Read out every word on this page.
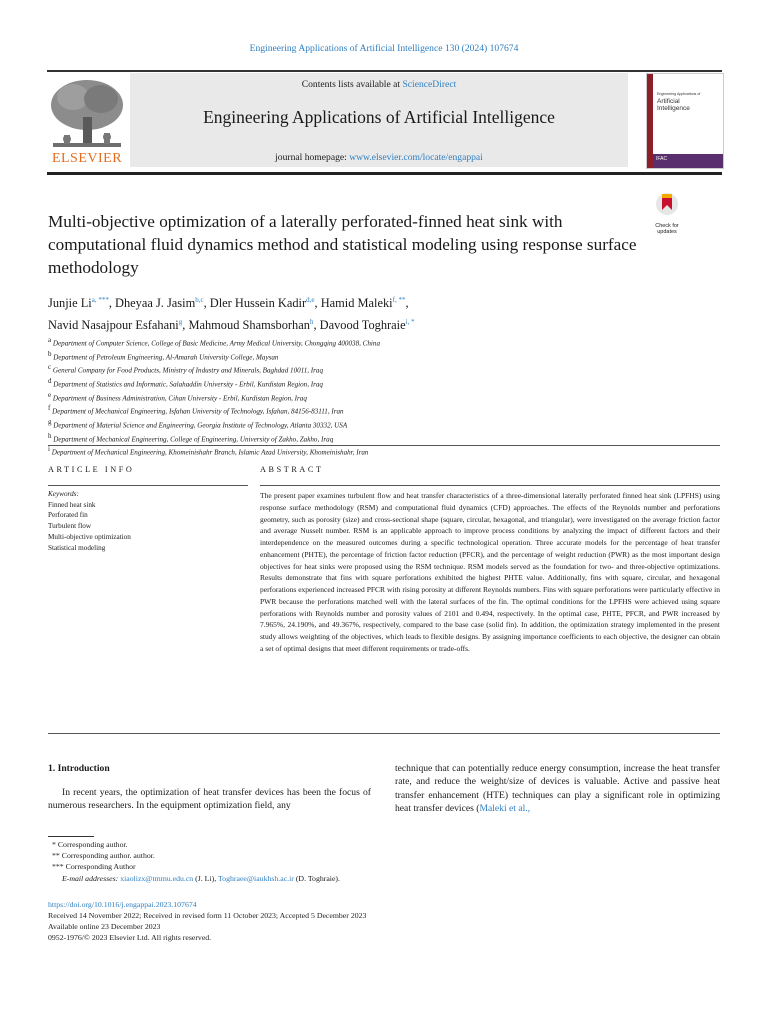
Engineering Applications of Artificial Intelligence 130 (2024) 107674
ELSEVIER
Contents lists available at ScienceDirect
Engineering Applications of Artificial Intelligence
journal homepage: www.elsevier.com/locate/engappai
Engineering Applications of
Artificial
Intelligence
IFAC
Multi-objective optimization of a laterally perforated-finned heat sink with computational fluid dynamics method and statistical modeling using response surface methodology
Check for
updates
Junjie $Li^{a, ***}$, Dheyaa J. Jasim$^{b,c}$, Dler Hussein Kadir$^{d,e}$, Hamid Maleki$^{f, **}$,
Navid Nasajpour Esfahani$^g$, Mahmoud Shamsborhan$^h$, Davood Toghraie$^{i, *}$
$^a$ Department of Computer Science, College of Basic Medicine, Army Medical University, Chongqing 400038, China
$^b$ Department of Petroleum Engineering, Al-Amarah University College, Maysan
$^c$ General Company for Food Products, Ministry of Industry and Minerals, Baghdad 10011, Iraq
$^d$ Department of Statistics and Informatic, Salahaddin University - Erbil, Kurdistan Region, Iraq
$^e$ Department of Business Administration, Cihan University - Erbil, Kurdistan Region, Iraq
$^f$ Department of Mechanical Engineering, Isfahan University of Technology, Isfahan, 84156-83111, Iran
$^g$ Department of Material Science and Engineering, Georgia Institute of Technology, Atlanta 30332, USA
$^h$ Department of Mechanical Engineering, College of Engineering, University of Zakho, Zakho, Iraq
$^i$ Department of Mechanical Engineering, Khomeinishahr Branch, Islamic Azad University, Khomeinishahr, Iran
ARTICLE INFO
Keywords:
Finned heat sink
Perforated fin
Turbulent flow
Multi-objective optimization
Statistical modeling
ABSTRACT
The present paper examines turbulent flow and heat transfer characteristics of a three-dimensional laterally perforated finned heat sink (LPFHS) using response surface methodology (RSM) and computational fluid dynamics (CFD) approaches. The effects of the Reynolds number and perforations geometry, such as porosity (size) and cross-sectional shape (square, circular, hexagonal, and triangular), were investigated on the average friction factor and average Nusselt number. RSM is an applicable approach to improve process conditions by analyzing the impact of different factors and their interdependence on the measured outcomes during a specific technological operation. Three accurate models for the percentage of heat transfer enhancement (PHTE), the percentage of friction factor reduction (PFCR), and the percentage of weight reduction (PWR) as the most important design objectives for heat sinks were proposed using the RSM technique. RSM models served as the foundation for two- and three-objective optimizations. Results demonstrate that fins with square perforations exhibited the highest PHTE value. Additionally, fins with square, circular, and hexagonal perforations experienced increased PFCR with rising porosity at different Reynolds numbers. Fins with square perforations were particularly effective in PWR because the perforations matched well with the lateral surfaces of the fin. The optimal conditions for the LPFHS were achieved using square perforations with Reynolds number and porosity values of 2101 and 0.494, respectively. In the optimal case, PHTE, PFCR, and PWR increased by 7.965%, 24.190%, and 49.367%, respectively, compared to the base case (solid fin). In addition, the optimization strategy implemented in the present study allows weighting of the objectives, which leads to flexible designs. By assigning importance coefficients to each objective, the designer can obtain a set of optimal designs that meet different requirements or trade-offs.
1. Introduction
In recent years, the optimization of heat transfer devices has been the focus of numerous researchers. In the equipment optimization field, any
technique that can potentially reduce energy consumption, increase the heat transfer rate, and reduce the weight/size of devices is valuable. Active and passive heat transfer enhancement (HTE) techniques can play a significant role in optimizing heat transfer devices (Maleki et al.,
* Corresponding author.
** Corresponding author. author.
*** Corresponding Author
E-mail addresses: xiaolizx@tmmu.edu.cn (J. Li), Toghraee@iaukhsh.ac.ir (D. Toghraie).
https://doi.org/10.1016/j.engappai.2023.107674
Received 14 November 2022; Received in revised form 11 October 2023; Accepted 5 December 2023
Available online 23 December 2023
0952-1976/© 2023 Elsevier Ltd. All rights reserved.
